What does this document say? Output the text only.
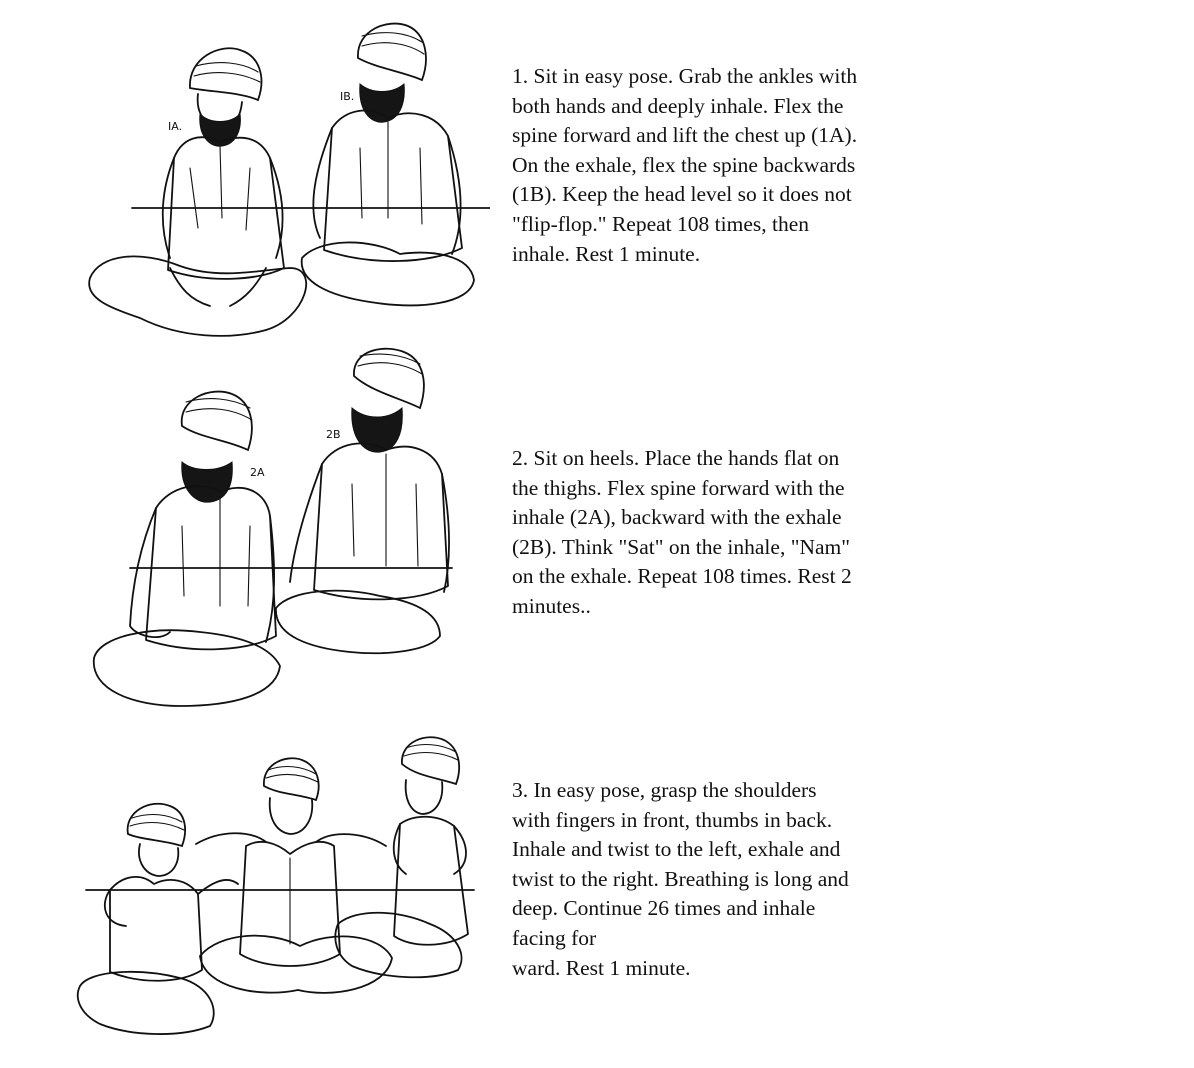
IA.
IB.
1. Sit in easy pose. Grab the ankles with
both hands and deeply inhale. Flex the
spine forward and lift the chest up (1A).
On the exhale, flex the spine backwards
(1B). Keep the head level so it does not
"flip-flop." Repeat 108 times, then
inhale. Rest 1 minute.
2A
2B
2. Sit on heels. Place the hands flat on
the thighs. Flex spine forward with the
inhale (2A), backward with the exhale
(2B). Think "Sat" on the inhale, "Nam"
on the exhale. Repeat 108 times. Rest 2
minutes..
3. In easy pose, grasp the shoulders
with fingers in front, thumbs in back.
Inhale and twist to the left, exhale and
twist to the right. Breathing is long and
deep. Continue 26 times and inhale
facing for
ward. Rest 1 minute.
